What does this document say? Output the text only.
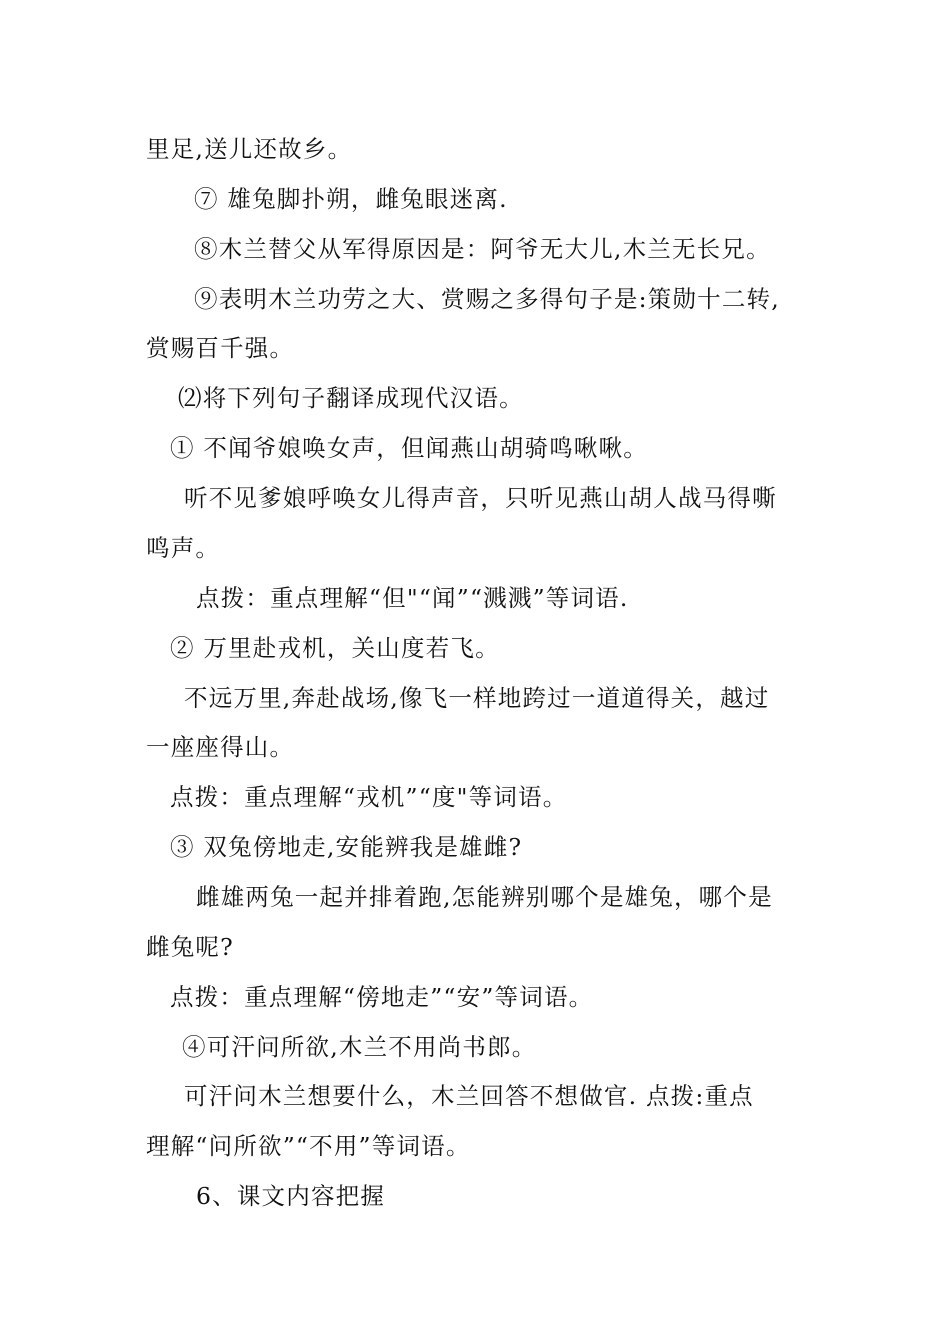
里足,送儿还故乡。
⑦ 雄兔脚扑朔，雌兔眼迷离.
⑧木兰替父从军得原因是：阿爷无大儿,木兰无长兄。
⑨表明木兰功劳之大、赏赐之多得句子是:策勋十二转,
赏赐百千强。
⑵将下列句子翻译成现代汉语。
① 不闻爷娘唤女声，但闻燕山胡骑鸣啾啾。
听不见爹娘呼唤女儿得声音，只听见燕山胡人战马得嘶
鸣声。
点拨：重点理解“但"“闻”“溅溅”等词语.
② 万里赴戎机，关山度若飞。
不远万里,奔赴战场,像飞一样地跨过一道道得关，越过
一座座得山。
点拨：重点理解“戎机”“度"等词语。
③ 双兔傍地走,安能辨我是雄雌?
雌雄两兔一起并排着跑,怎能辨别哪个是雄兔，哪个是
雌兔呢?
点拨：重点理解“傍地走”“安”等词语。
④可汗问所欲,木兰不用尚书郎。
可汗问木兰想要什么，木兰回答不想做官. 点拨:重点
理解“问所欲”“不用”等词语。
6、课文内容把握
